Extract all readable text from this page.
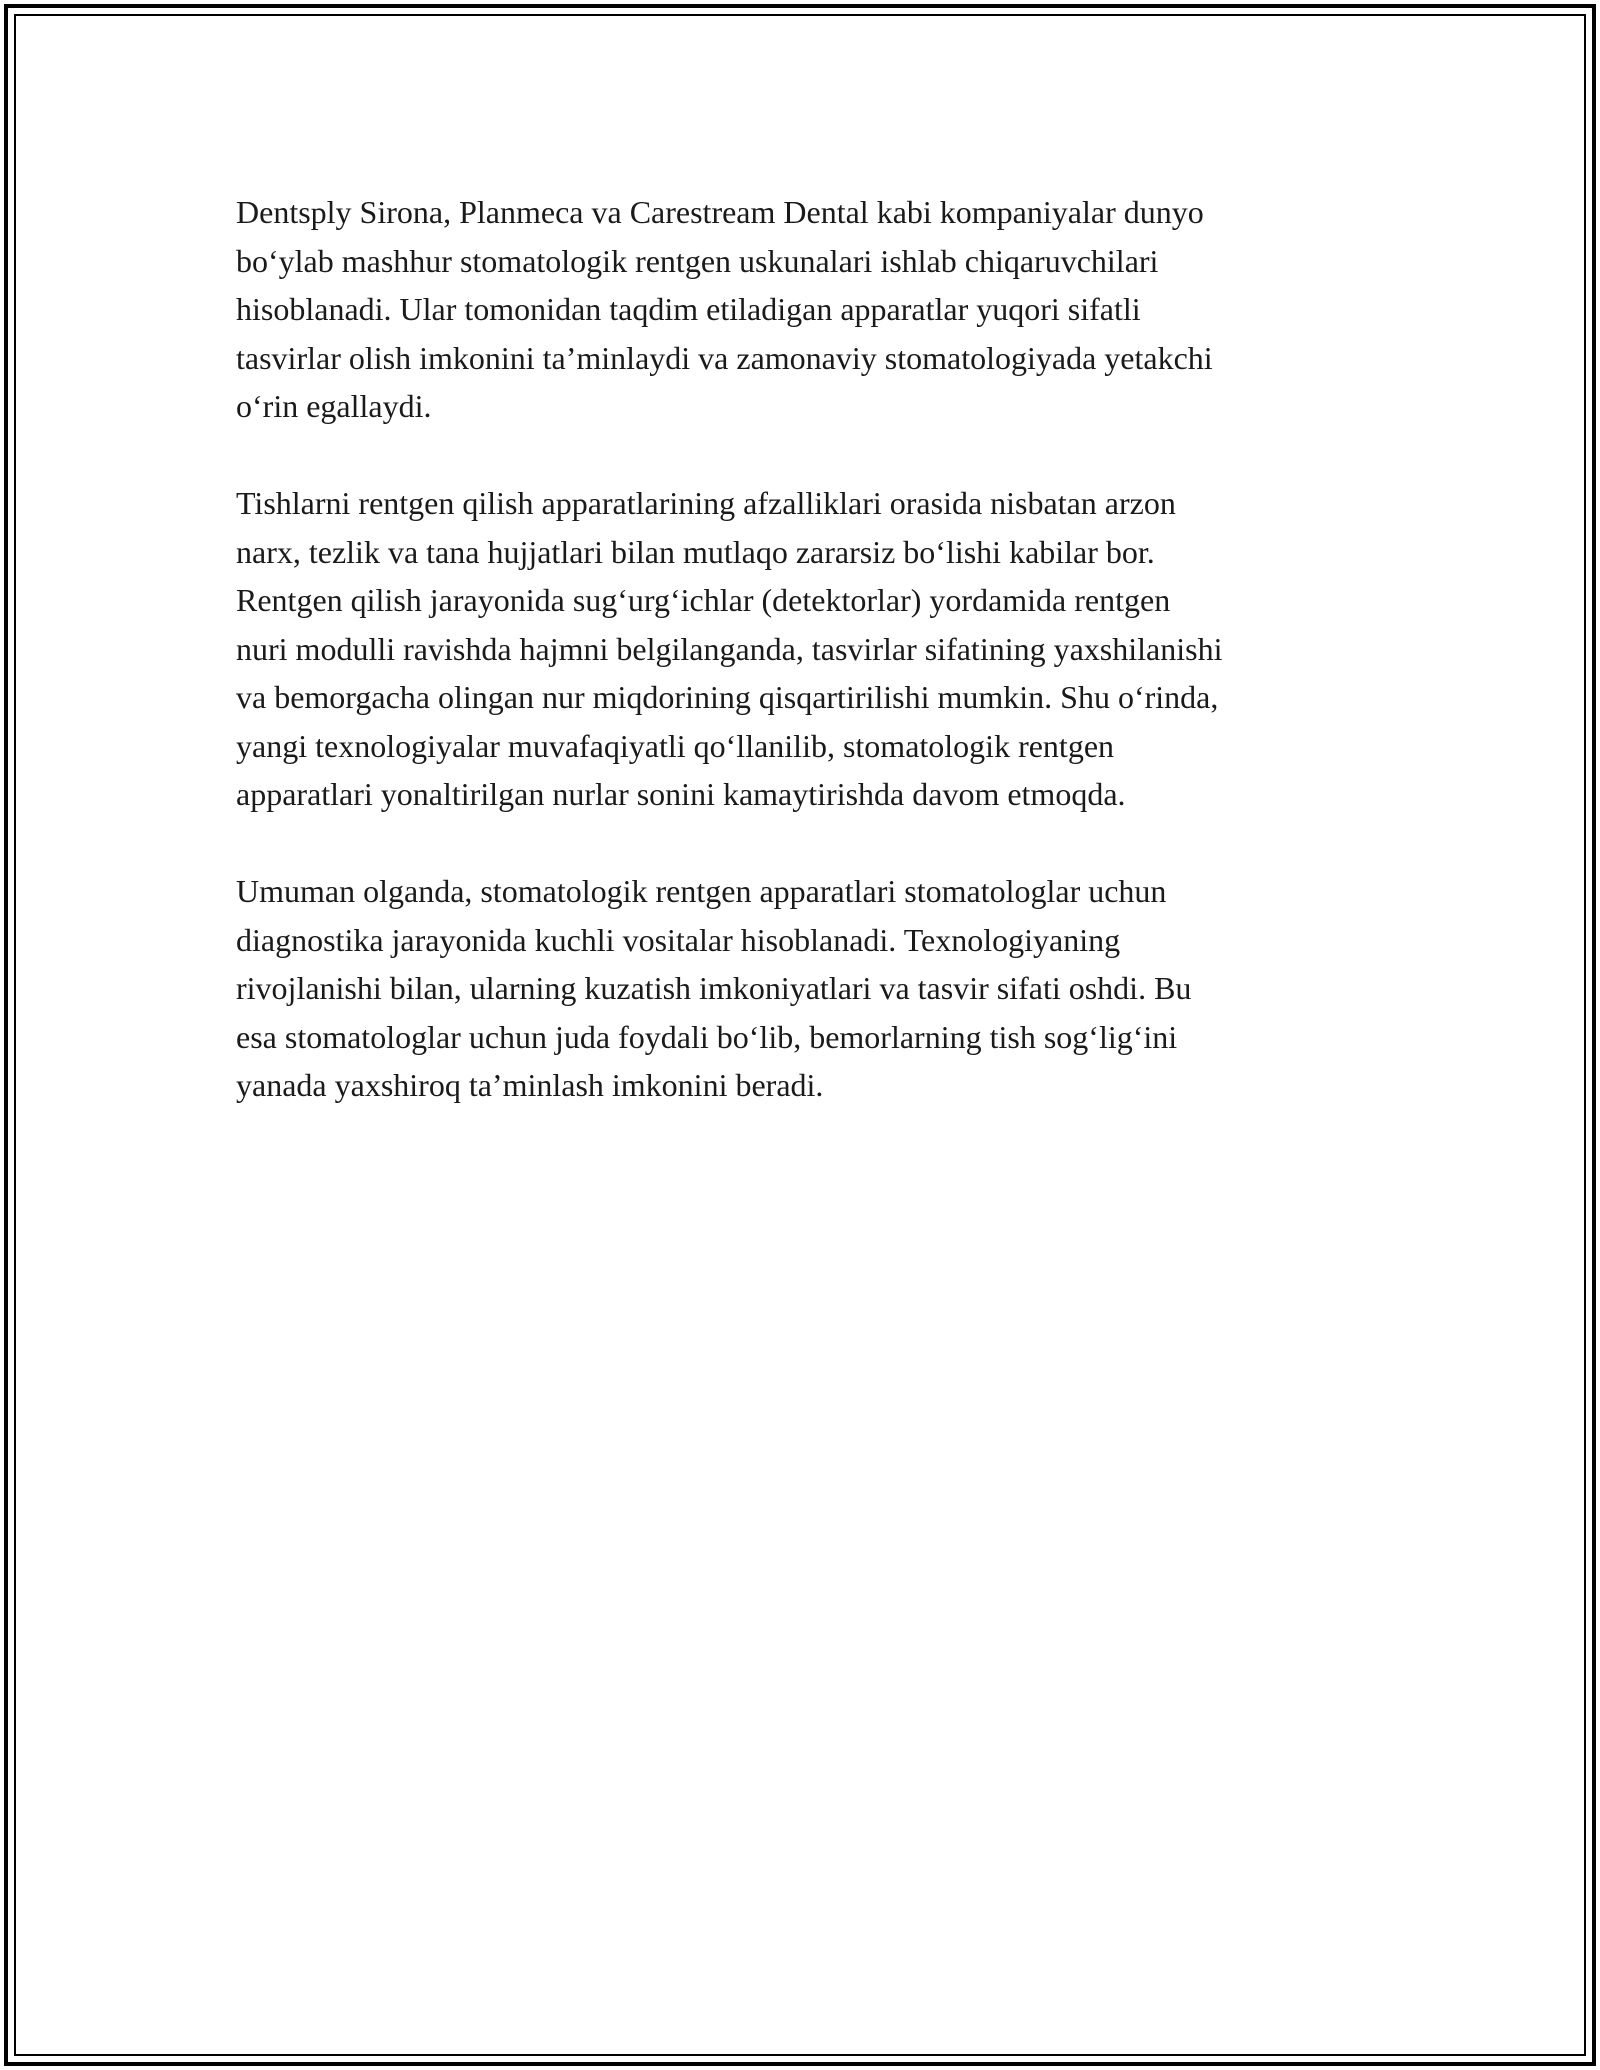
Dentsply Sirona, Planmeca va Carestream Dental kabi kompaniyalar dunyo
bo‘ylab mashhur stomatologik rentgen uskunalari ishlab chiqaruvchilari
hisoblanadi. Ular tomonidan taqdim etiladigan apparatlar yuqori sifatli
tasvirlar olish imkonini ta’minlaydi va zamonaviy stomatologiyada yetakchi
o‘rin egallaydi.

Tishlarni rentgen qilish apparatlarining afzalliklari orasida nisbatan arzon
narx, tezlik va tana hujjatlari bilan mutlaqo zararsiz bo‘lishi kabilar bor.
Rentgen qilish jarayonida sug‘urg‘ichlar (detektorlar) yordamida rentgen
nuri modulli ravishda hajmni belgilanganda, tasvirlar sifatining yaxshilanishi
va bemorgacha olingan nur miqdorining qisqartirilishi mumkin. Shu o‘rinda,
yangi texnologiyalar muvafaqiyatli qo‘llanilib, stomatologik rentgen
apparatlari yonaltirilgan nurlar sonini kamaytirishda davom etmoqda.

Umuman olganda, stomatologik rentgen apparatlari stomatologlar uchun
diagnostika jarayonida kuchli vositalar hisoblanadi. Texnologiyaning
rivojlanishi bilan, ularning kuzatish imkoniyatlari va tasvir sifati oshdi. Bu
esa stomatologlar uchun juda foydali bo‘lib, bemorlarning tish sog‘lig‘ini
yanada yaxshiroq ta’minlash imkonini beradi.
